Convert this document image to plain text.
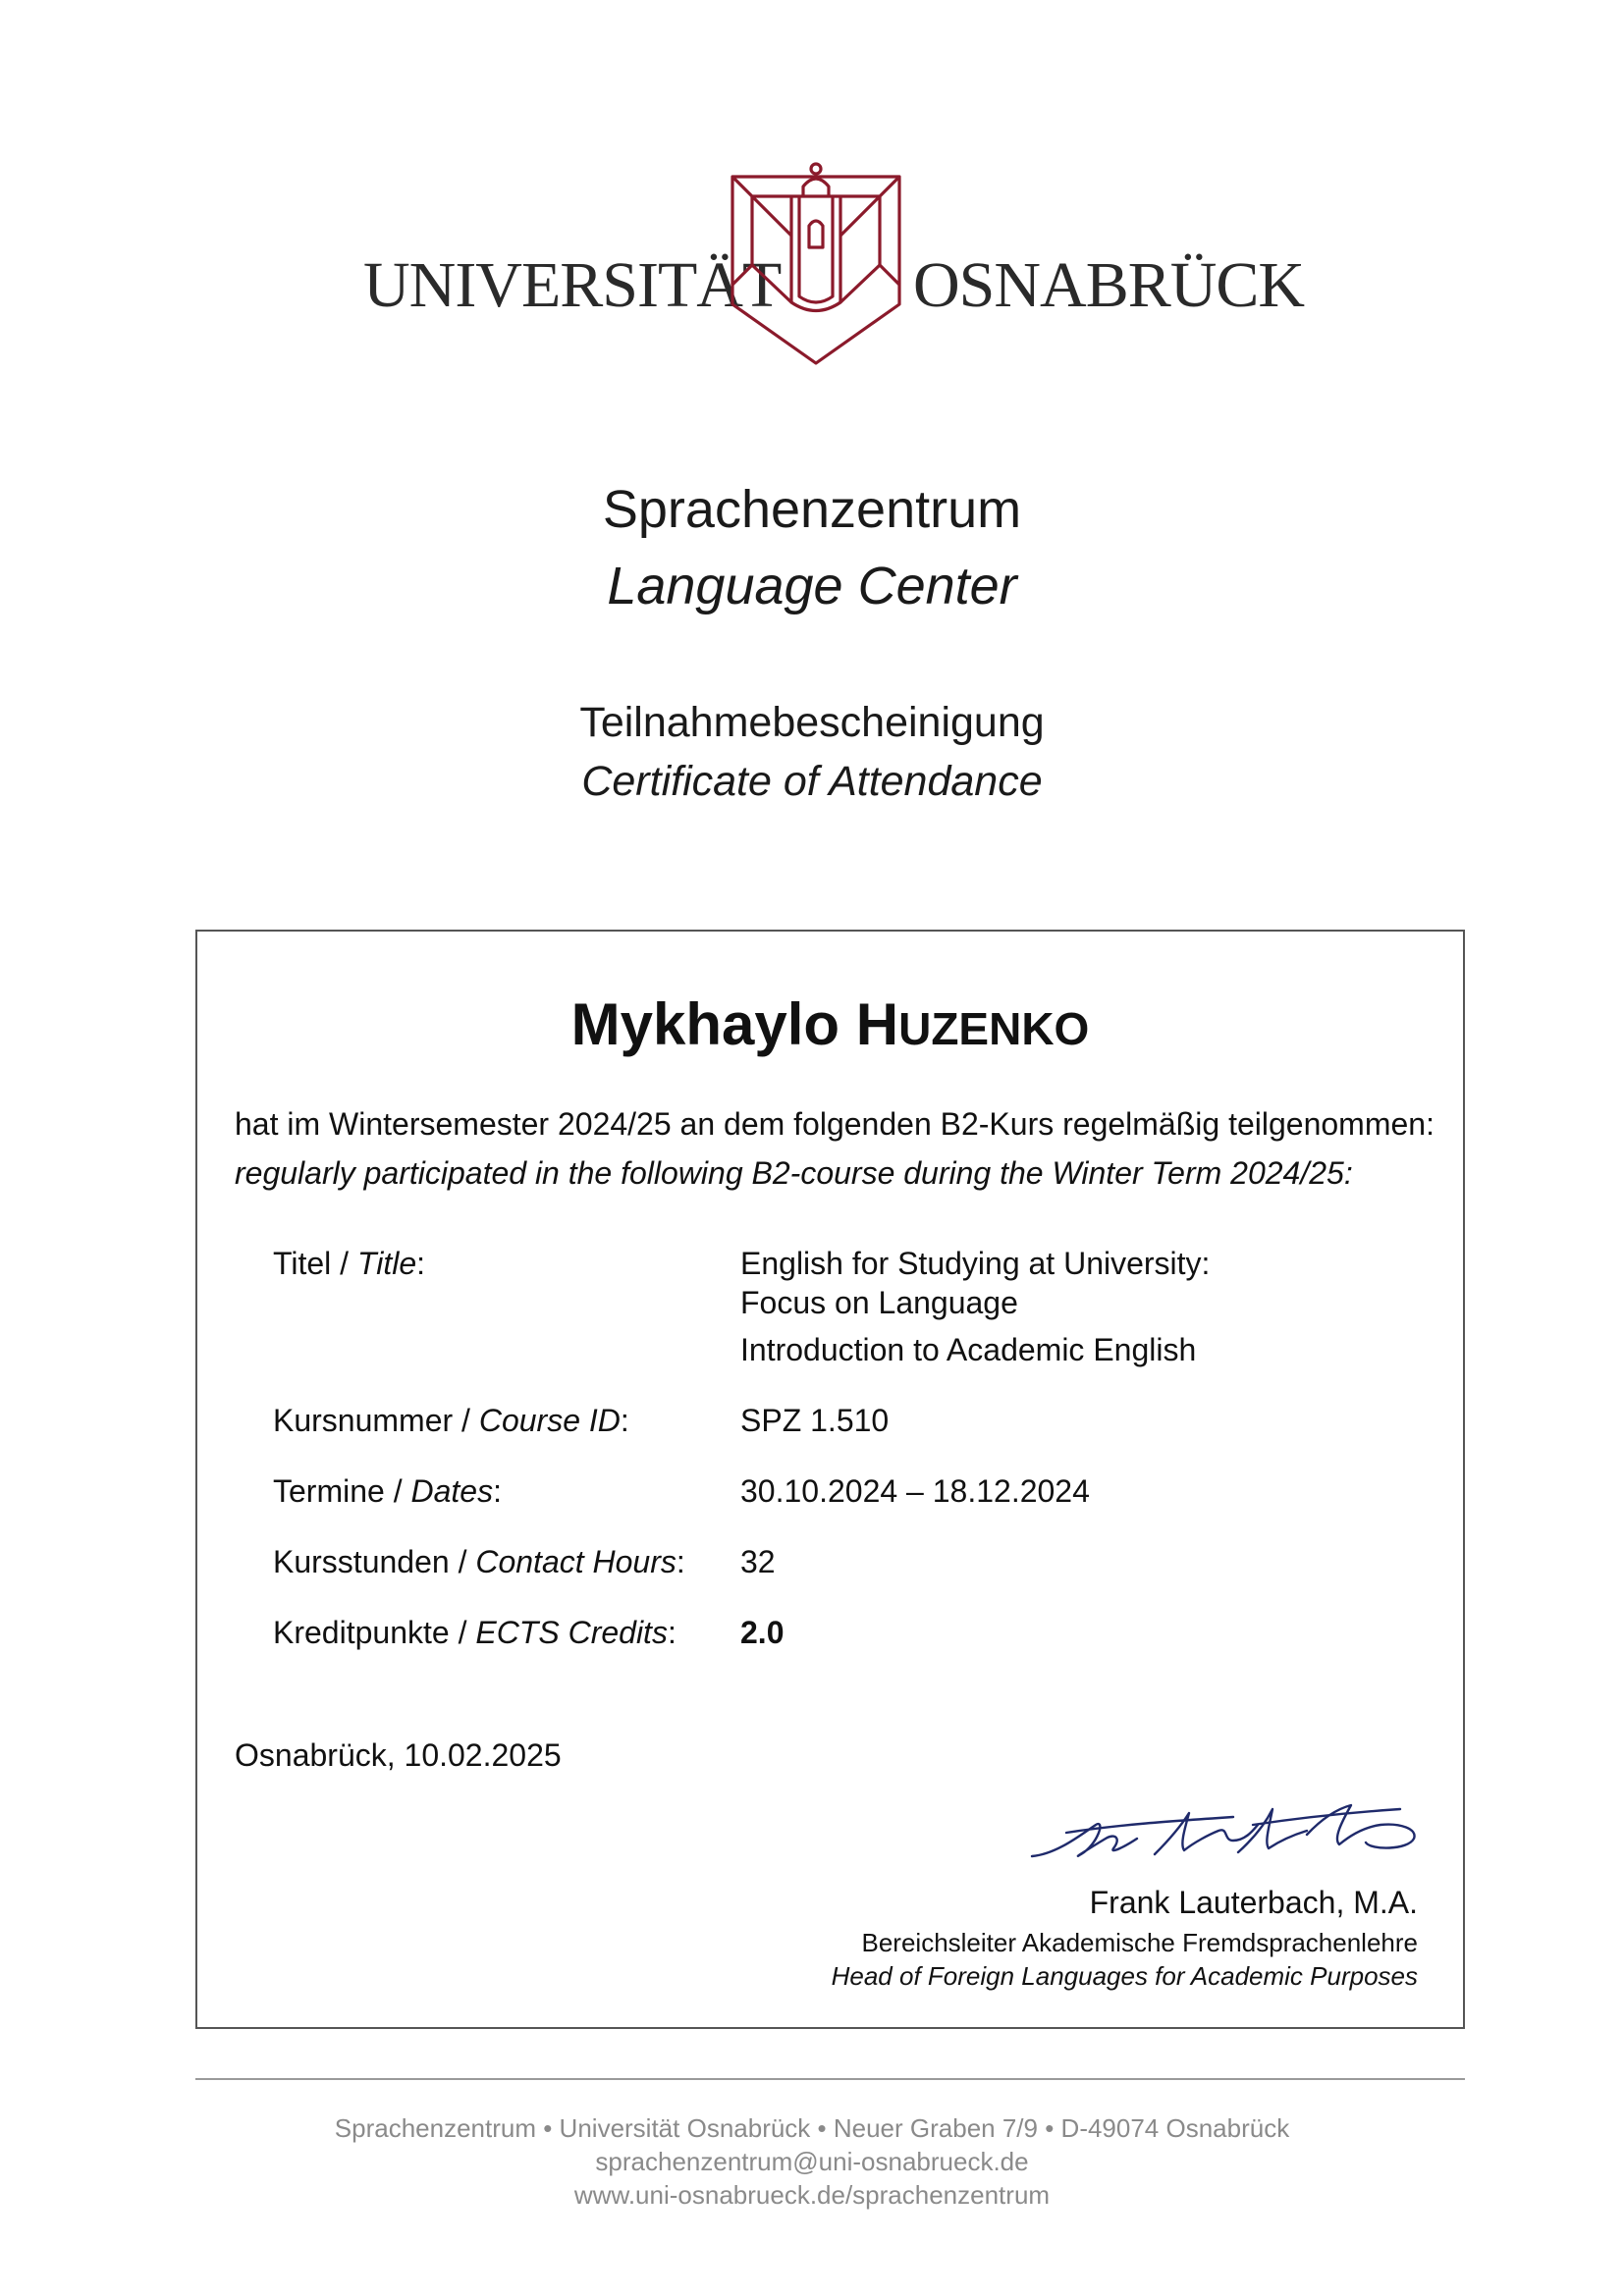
UNIVERSITÄT OSNABRÜCK
Sprachenzentrum
Language Center
Teilnahmebescheinigung
Certificate of Attendance
Mykhaylo HUZENKO
hat im Wintersemester 2024/25 an dem folgenden B2-Kurs regelmäßig teilgenommen:
regularly participated in the following B2-course during the Winter Term 2024/25:
Titel / Title:	English for Studying at University:
Focus on Language
Introduction to Academic English
Kursnummer / Course ID:	SPZ 1.510
Termine / Dates:	30.10.2024 – 18.12.2024
Kursstunden / Contact Hours: 32
Kreditpunkte / ECTS Credits: 2.0
Osnabrück, 10.02.2025
Frank Lauterbach, M.A.
Bereichsleiter Akademische Fremdsprachenlehre
Head of Foreign Languages for Academic Purposes
Sprachenzentrum • Universität Osnabrück • Neuer Graben 7/9 • D-49074 Osnabrück
sprachenzentrum@uni-osnabrueck.de
www.uni-osnabrueck.de/sprachenzentrum
